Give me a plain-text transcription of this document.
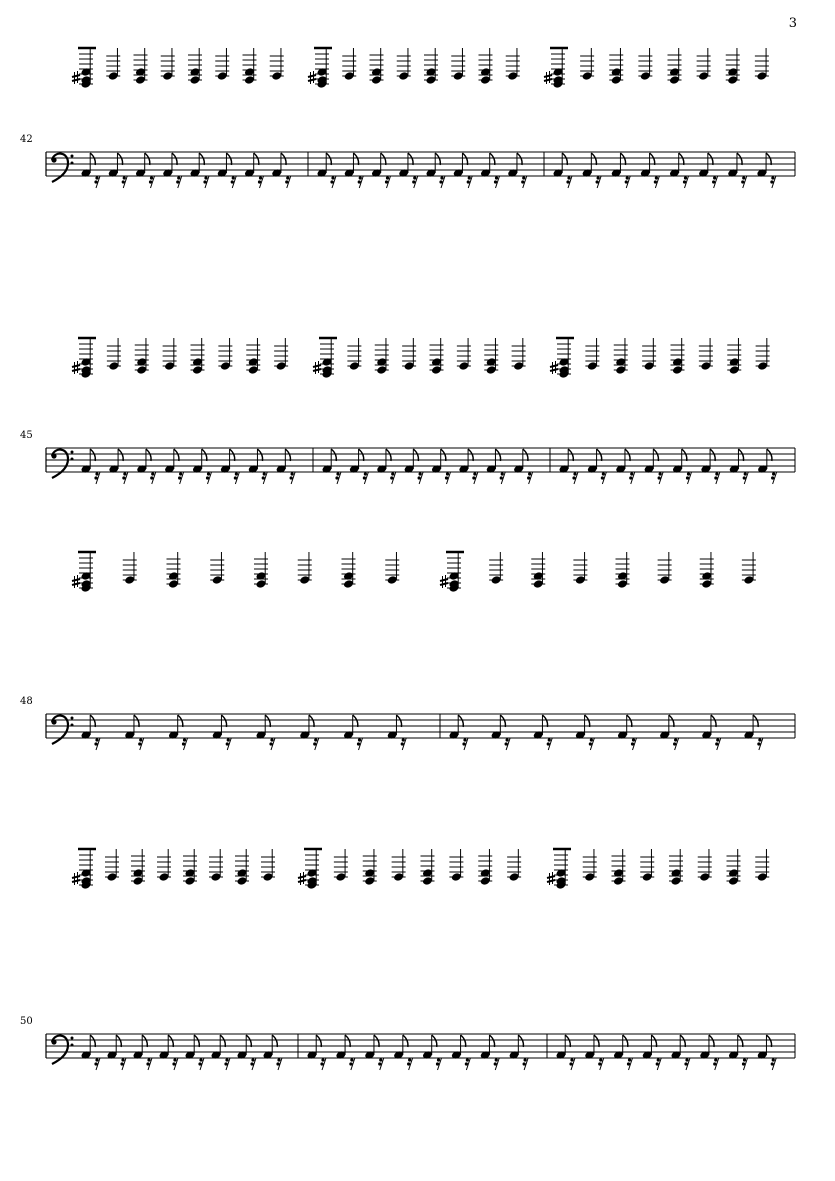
3
42
45
48
50
